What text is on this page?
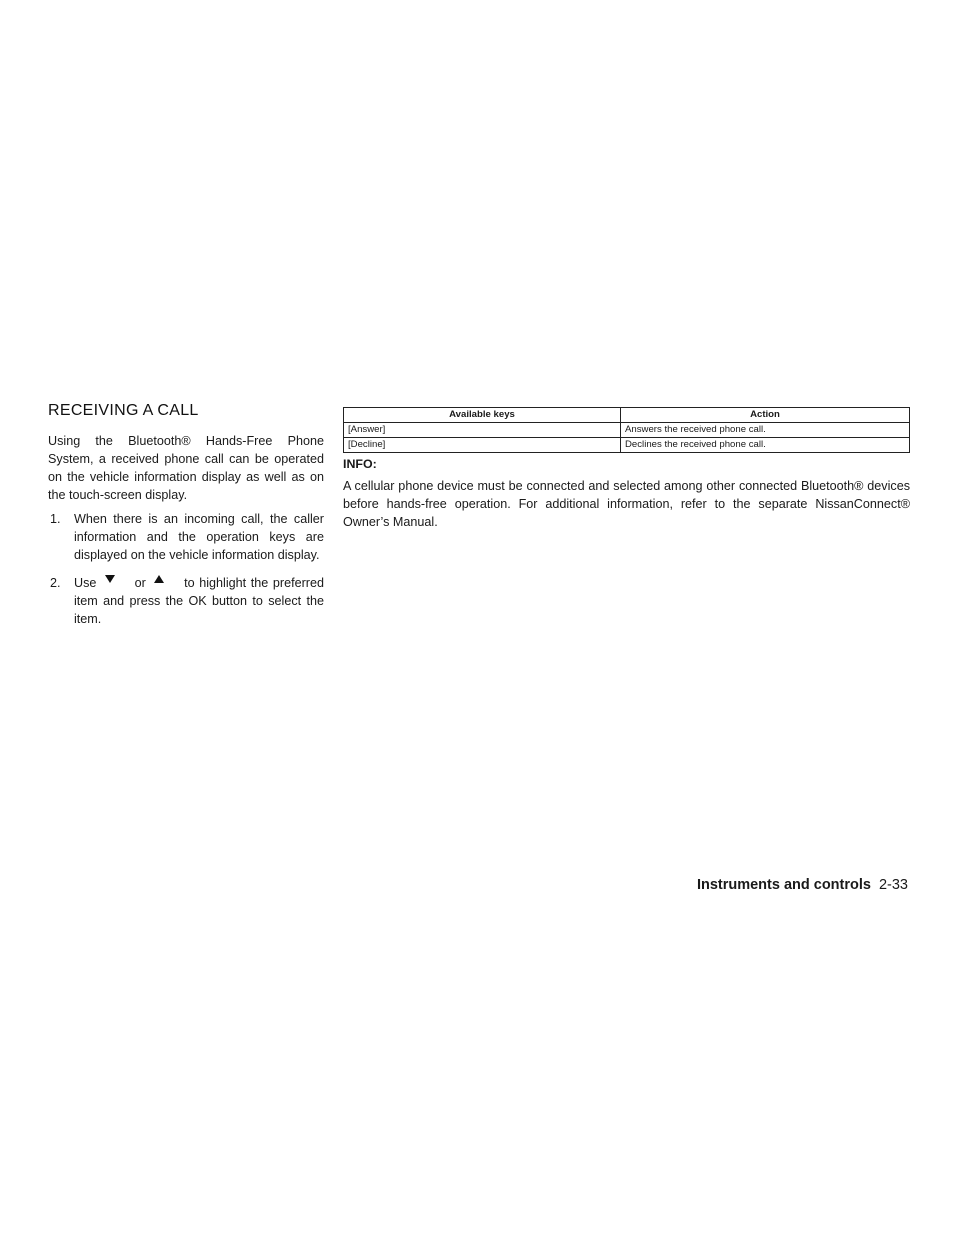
RECEIVING A CALL

Using the Bluetooth® Hands-Free Phone System, a received phone call can be operated on the vehicle information display as well as on the touch-screen display.

1. When there is an incoming call, the caller information and the operation keys are displayed on the vehicle information display.
2. Use	or	to highlight the preferred item and press the OK button to select the item.
Available keys	Action
[Answer]	Answers the received phone call.
[Decline]	Declines the received phone call.
INFO:

A cellular phone device must be connected and selected among other connected Bluetooth® devices before hands-free operation. For additional information, refer to the separate NissanConnect® Owner’s Manual.

Instruments and controls 2-33
